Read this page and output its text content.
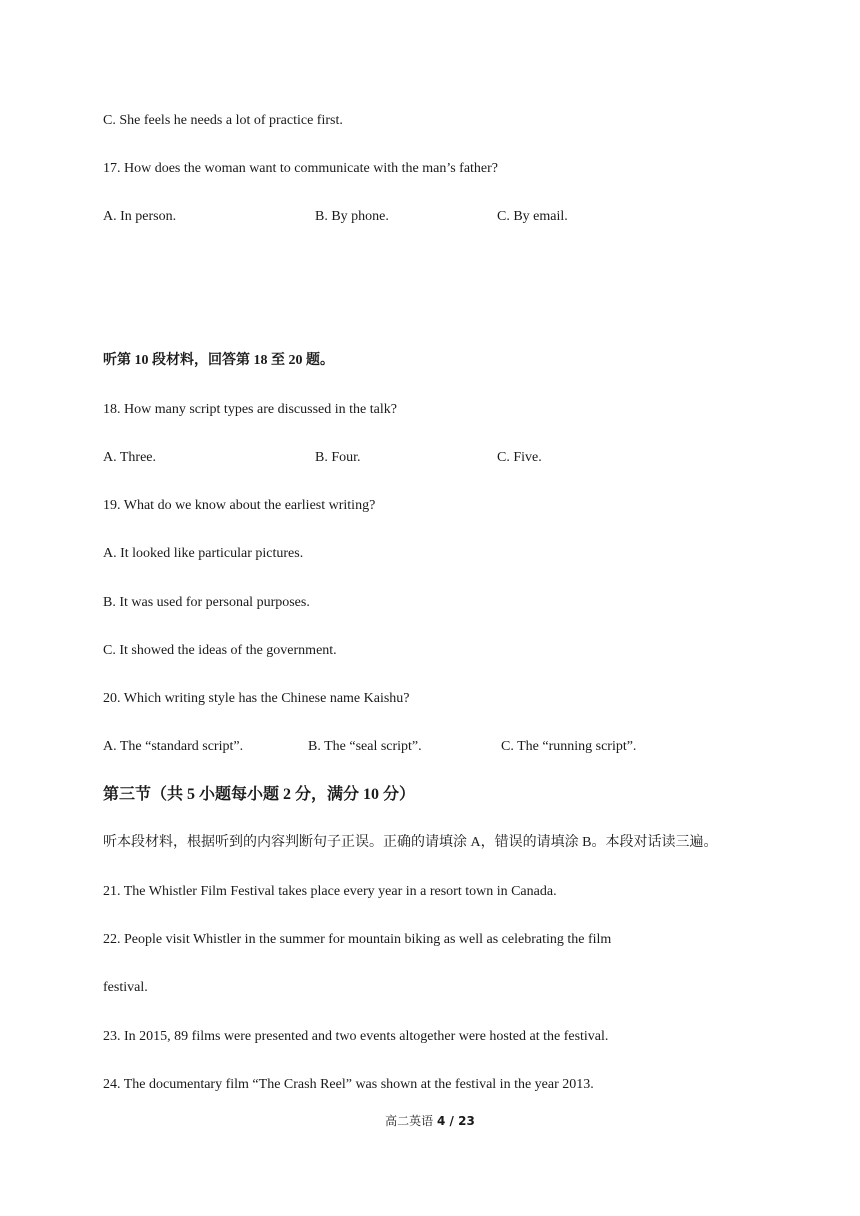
C. She feels he needs a lot of practice first.
17. How does the woman want to communicate with the man’s father?
A. In person.	B. By phone.	C. By email.
听第 10 段材料，回答第 18 至 20 题。
18. How many script types are discussed in the talk?
A. Three.	B. Four.	C. Five.
19. What do we know about the earliest writing?
A. It looked like particular pictures.
B. It was used for personal purposes.
C. It showed the ideas of the government.
20. Which writing style has the Chinese name Kaishu?
A. The “standard script”.	B. The “seal script”.	C. The “running script”.
第三节（共 5 小题每小题 2 分，满分 10 分）
听本段材料，根据听到的内容判断句子正误。正确的请填涂 A，错误的请填涂 B。本段对话读三遍。
21. The Whistler Film Festival takes place every year in a resort town in Canada.
22. People visit Whistler in the summer for mountain biking as well as celebrating the film
festival.
23. In 2015, 89 films were presented and two events altogether were hosted at the festival.
24. The documentary film “The Crash Reel” was shown at the festival in the year 2013.
高二英语 4 / 23
